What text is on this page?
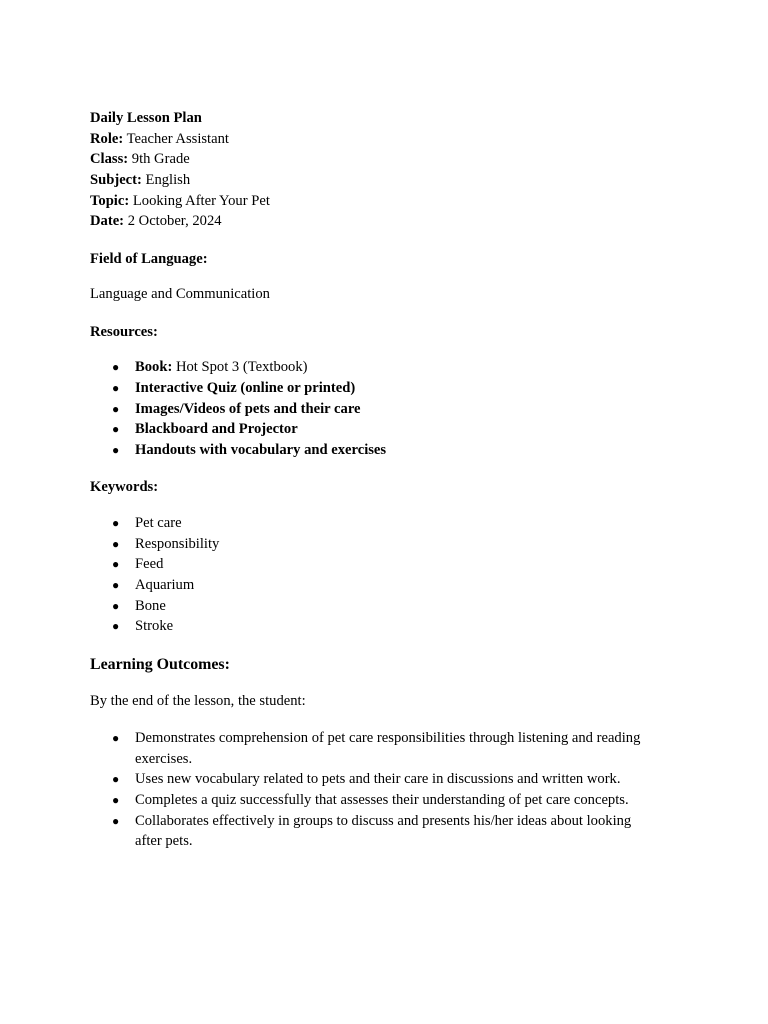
Daily Lesson Plan
Role: Teacher Assistant
Class: 9th Grade
Subject: English
Topic: Looking After Your Pet
Date: 2 October, 2024
Field of Language:
Language and Communication
Resources:
● Book: Hot Spot 3 (Textbook)
● Interactive Quiz (online or printed)
● Images/Videos of pets and their care
● Blackboard and Projector
● Handouts with vocabulary and exercises
Keywords:
● Pet care
● Responsibility
● Feed
● Aquarium
● Bone
● Stroke
Learning Outcomes:
By the end of the lesson, the student:
● Demonstrates comprehension of pet care responsibilities through listening and reading exercises.
● Uses new vocabulary related to pets and their care in discussions and written work.
● Completes a quiz successfully that assesses their understanding of pet care concepts.
● Collaborates effectively in groups to discuss and presents his/her ideas about looking after pets.
